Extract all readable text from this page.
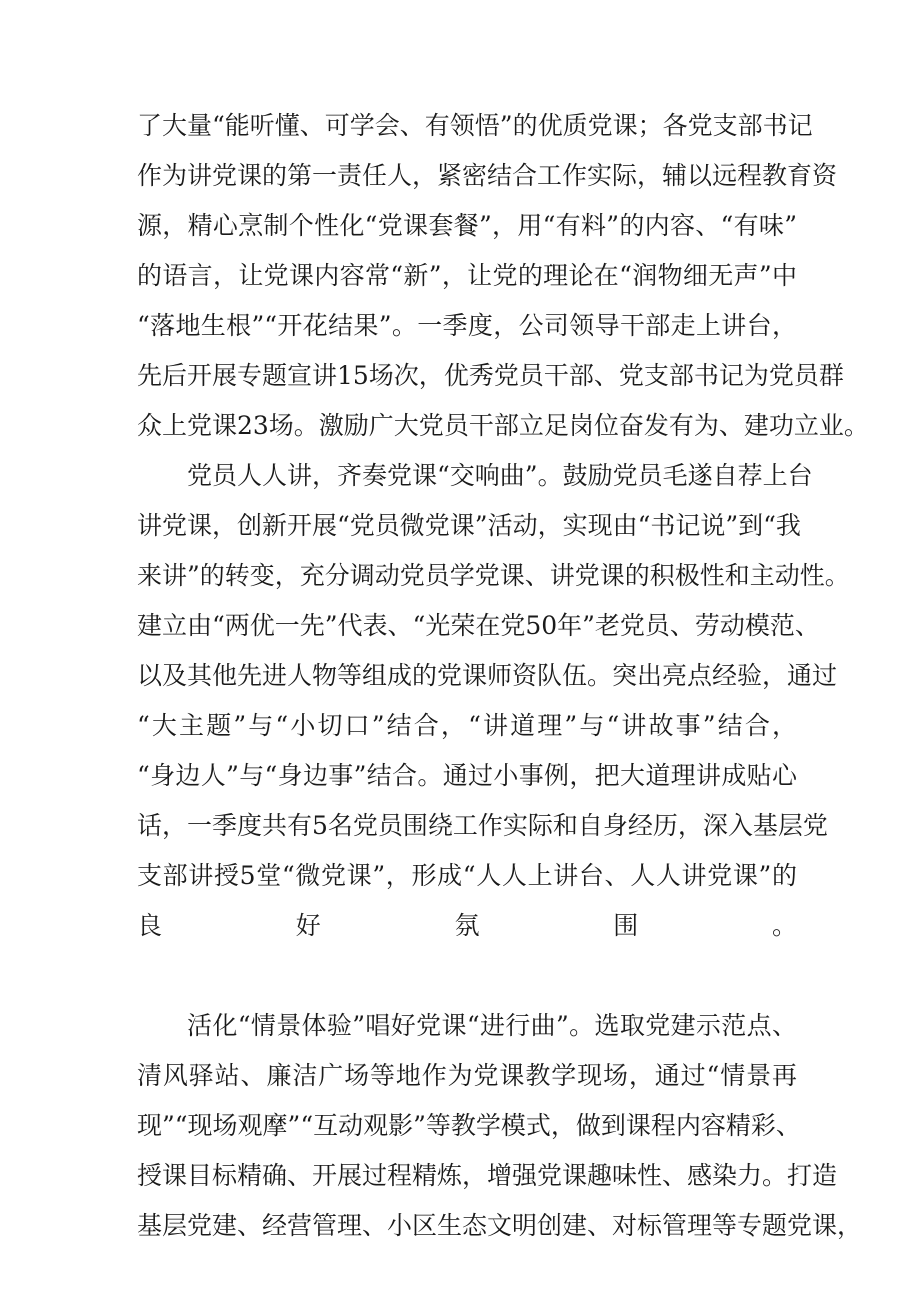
了大量“能听懂、可学会、有领悟”的优质党课；各党支部书记
作为讲党课的第一责任人，紧密结合工作实际，辅以远程教育资
源，精心烹制个性化“党课套餐”，用“有料”的内容、“有味”
的语言，让党课内容常“新”，让党的理论在“润物细无声”中
“落地生根”“开花结果”。一季度，公司领导干部走上讲台，
先后开展专题宣讲15场次，优秀党员干部、党支部书记为党员群
众上党课23场。激励广大党员干部立足岗位奋发有为、建功立业。
党员人人讲，齐奏党课“交响曲”。鼓励党员毛遂自荐上台
讲党课，创新开展“党员微党课”活动，实现由“书记说”到“我
来讲”的转变，充分调动党员学党课、讲党课的积极性和主动性。
建立由“两优一先”代表、“光荣在党50年”老党员、劳动模范、
以及其他先进人物等组成的党课师资队伍。突出亮点经验，通过
“大主题”与“小切口”结合，“讲道理”与“讲故事”结合，
“身边人”与“身边事”结合。通过小事例，把大道理讲成贴心
话，一季度共有5名党员围绕工作实际和自身经历，深入基层党
支部讲授5堂“微党课”，形成“人人上讲台、人人讲党课”的
良好氛围。
活化“情景体验”唱好党课“进行曲”。选取党建示范点、
清风驿站、廉洁广场等地作为党课教学现场，通过“情景再
现”“现场观摩”“互动观影”等教学模式，做到课程内容精彩、
授课目标精确、开展过程精炼，增强党课趣味性、感染力。打造
基层党建、经营管理、小区生态文明创建、对标管理等专题党课，
